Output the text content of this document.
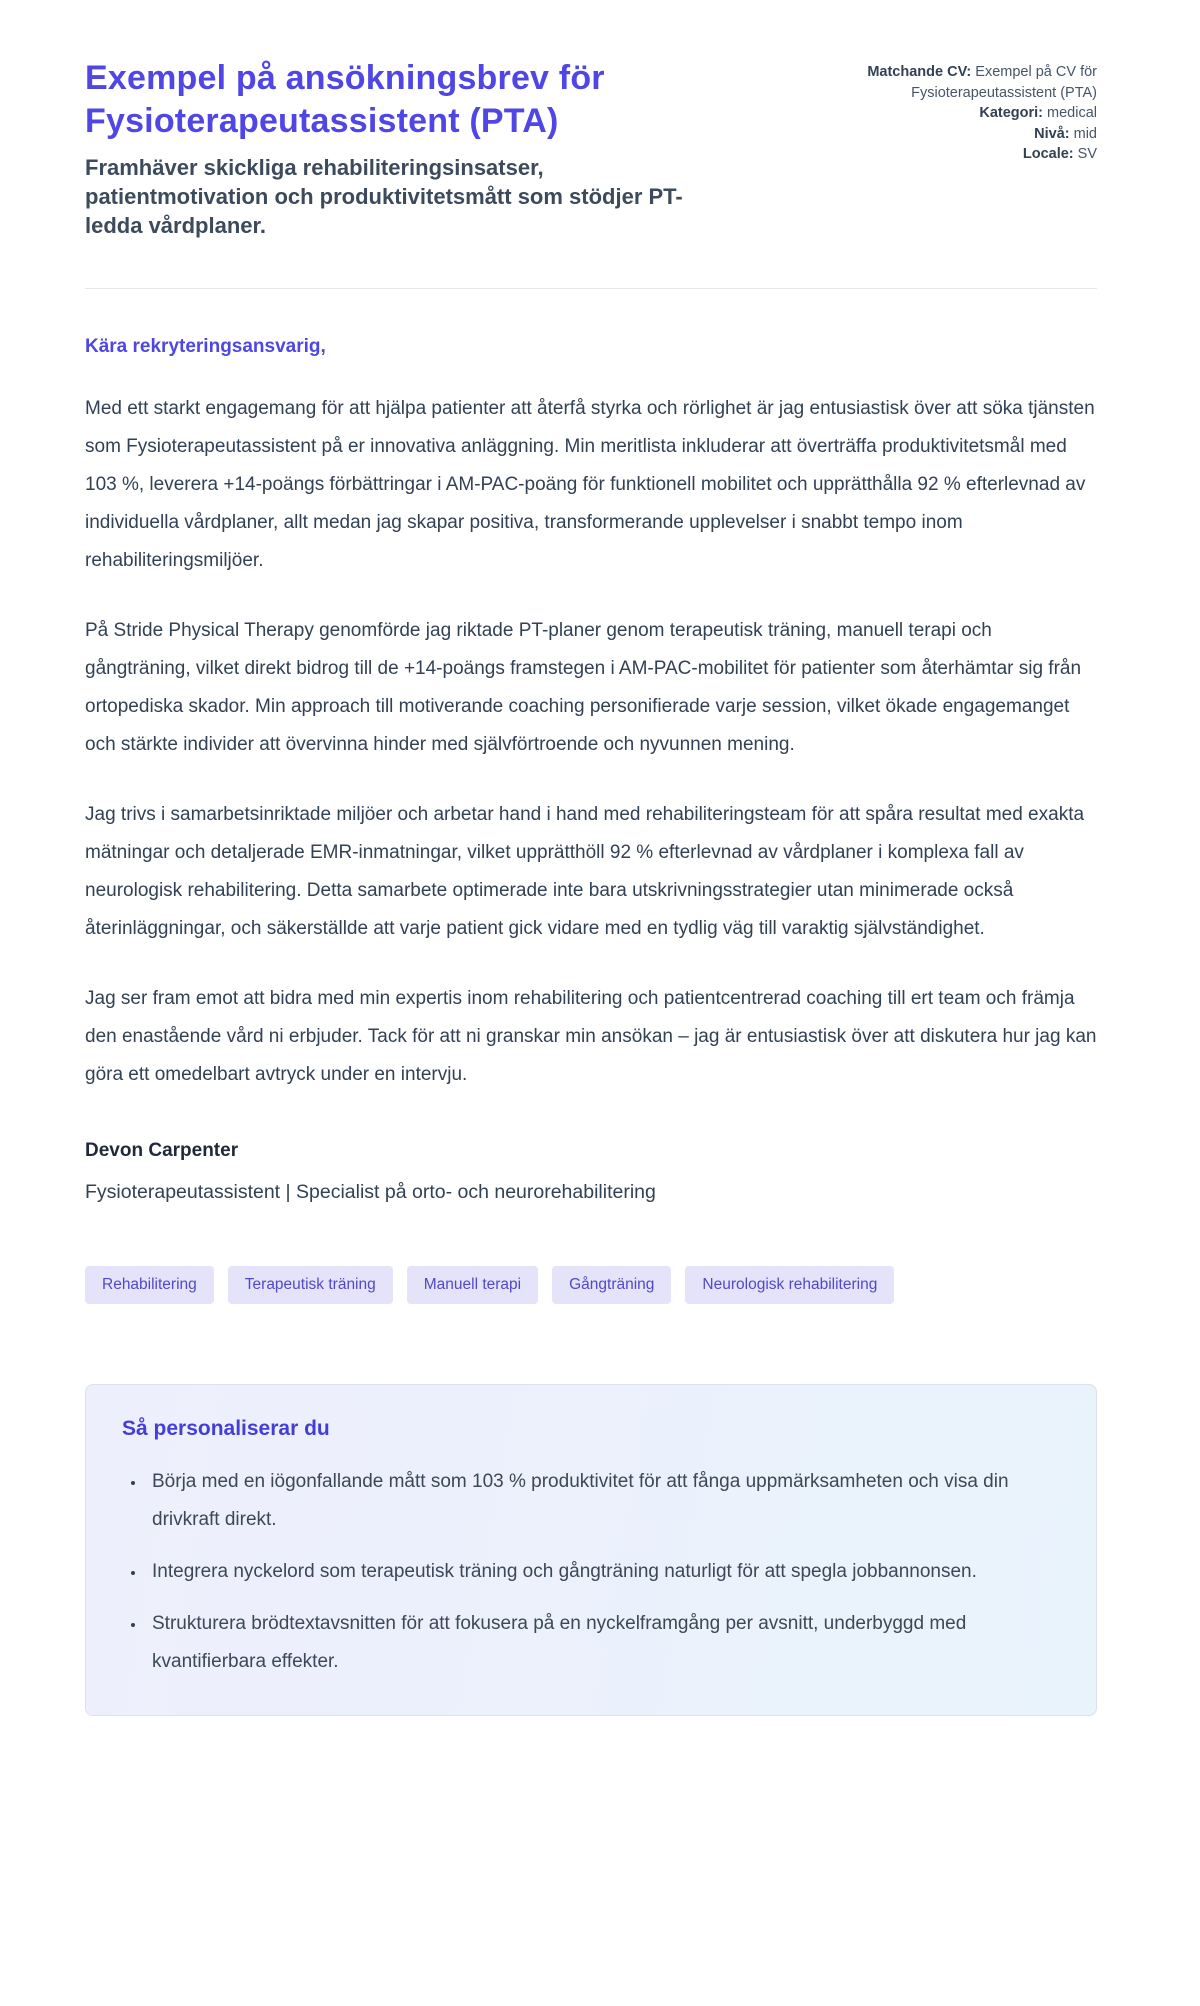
Exempel på ansökningsbrev för Fysioterapeutassistent (PTA)

Framhäver skickliga rehabiliteringsinsatser, patientmotivation och produktivitetsmått som stödjer PT-ledda vårdplaner.

Matchande CV: Exempel på CV för Fysioterapeutassistent (PTA)
Kategori: medical
Nivå: mid
Locale: SV

Kära rekryteringsansvarig,

Med ett starkt engagemang för att hjälpa patienter att återfå styrka och rörlighet är jag entusiastisk över att söka tjänsten som Fysioterapeutassistent på er innovativa anläggning. Min meritlista inkluderar att överträffa produktivitetsmål med 103 %, leverera +14-poängs förbättringar i AM-PAC-poäng för funktionell mobilitet och upprätthålla 92 % efterlevnad av individuella vårdplaner, allt medan jag skapar positiva, transformerande upplevelser i snabbt tempo inom rehabiliteringsmiljöer.

På Stride Physical Therapy genomförde jag riktade PT-planer genom terapeutisk träning, manuell terapi och gångträning, vilket direkt bidrog till de +14-poängs framstegen i AM-PAC-mobilitet för patienter som återhämtar sig från ortopediska skador. Min approach till motiverande coaching personifierade varje session, vilket ökade engagemanget och stärkte individer att övervinna hinder med självförtroende och nyvunnen mening.

Jag trivs i samarbetsinriktade miljöer och arbetar hand i hand med rehabiliteringsteam för att spåra resultat med exakta mätningar och detaljerade EMR-inmatningar, vilket upprätthöll 92 % efterlevnad av vårdplaner i komplexa fall av neurologisk rehabilitering. Detta samarbete optimerade inte bara utskrivningsstrategier utan minimerade också återinläggningar, och säkerställde att varje patient gick vidare med en tydlig väg till varaktig självständighet.

Jag ser fram emot att bidra med min expertis inom rehabilitering och patientcentrerad coaching till ert team och främja den enastående vård ni erbjuder. Tack för att ni granskar min ansökan – jag är entusiastisk över att diskutera hur jag kan göra ett omedelbart avtryck under en intervju.

Devon Carpenter

Fysioterapeutassistent | Specialist på orto- och neurorehabilitering

Rehabilitering	Terapeutisk träning	Manuell terapi	Gångträning	Neurologisk rehabilitering
Så personaliserar du
• Börja med en iögonfallande mått som 103 % produktivitet för att fånga uppmärksamheten och visa din drivkraft direkt.
• Integrera nyckelord som terapeutisk träning och gångträning naturligt för att spegla jobbannonsen.
• Strukturera brödtextavsnitten för att fokusera på en nyckelframgång per avsnitt, underbyggd med kvantifierbara effekter.
